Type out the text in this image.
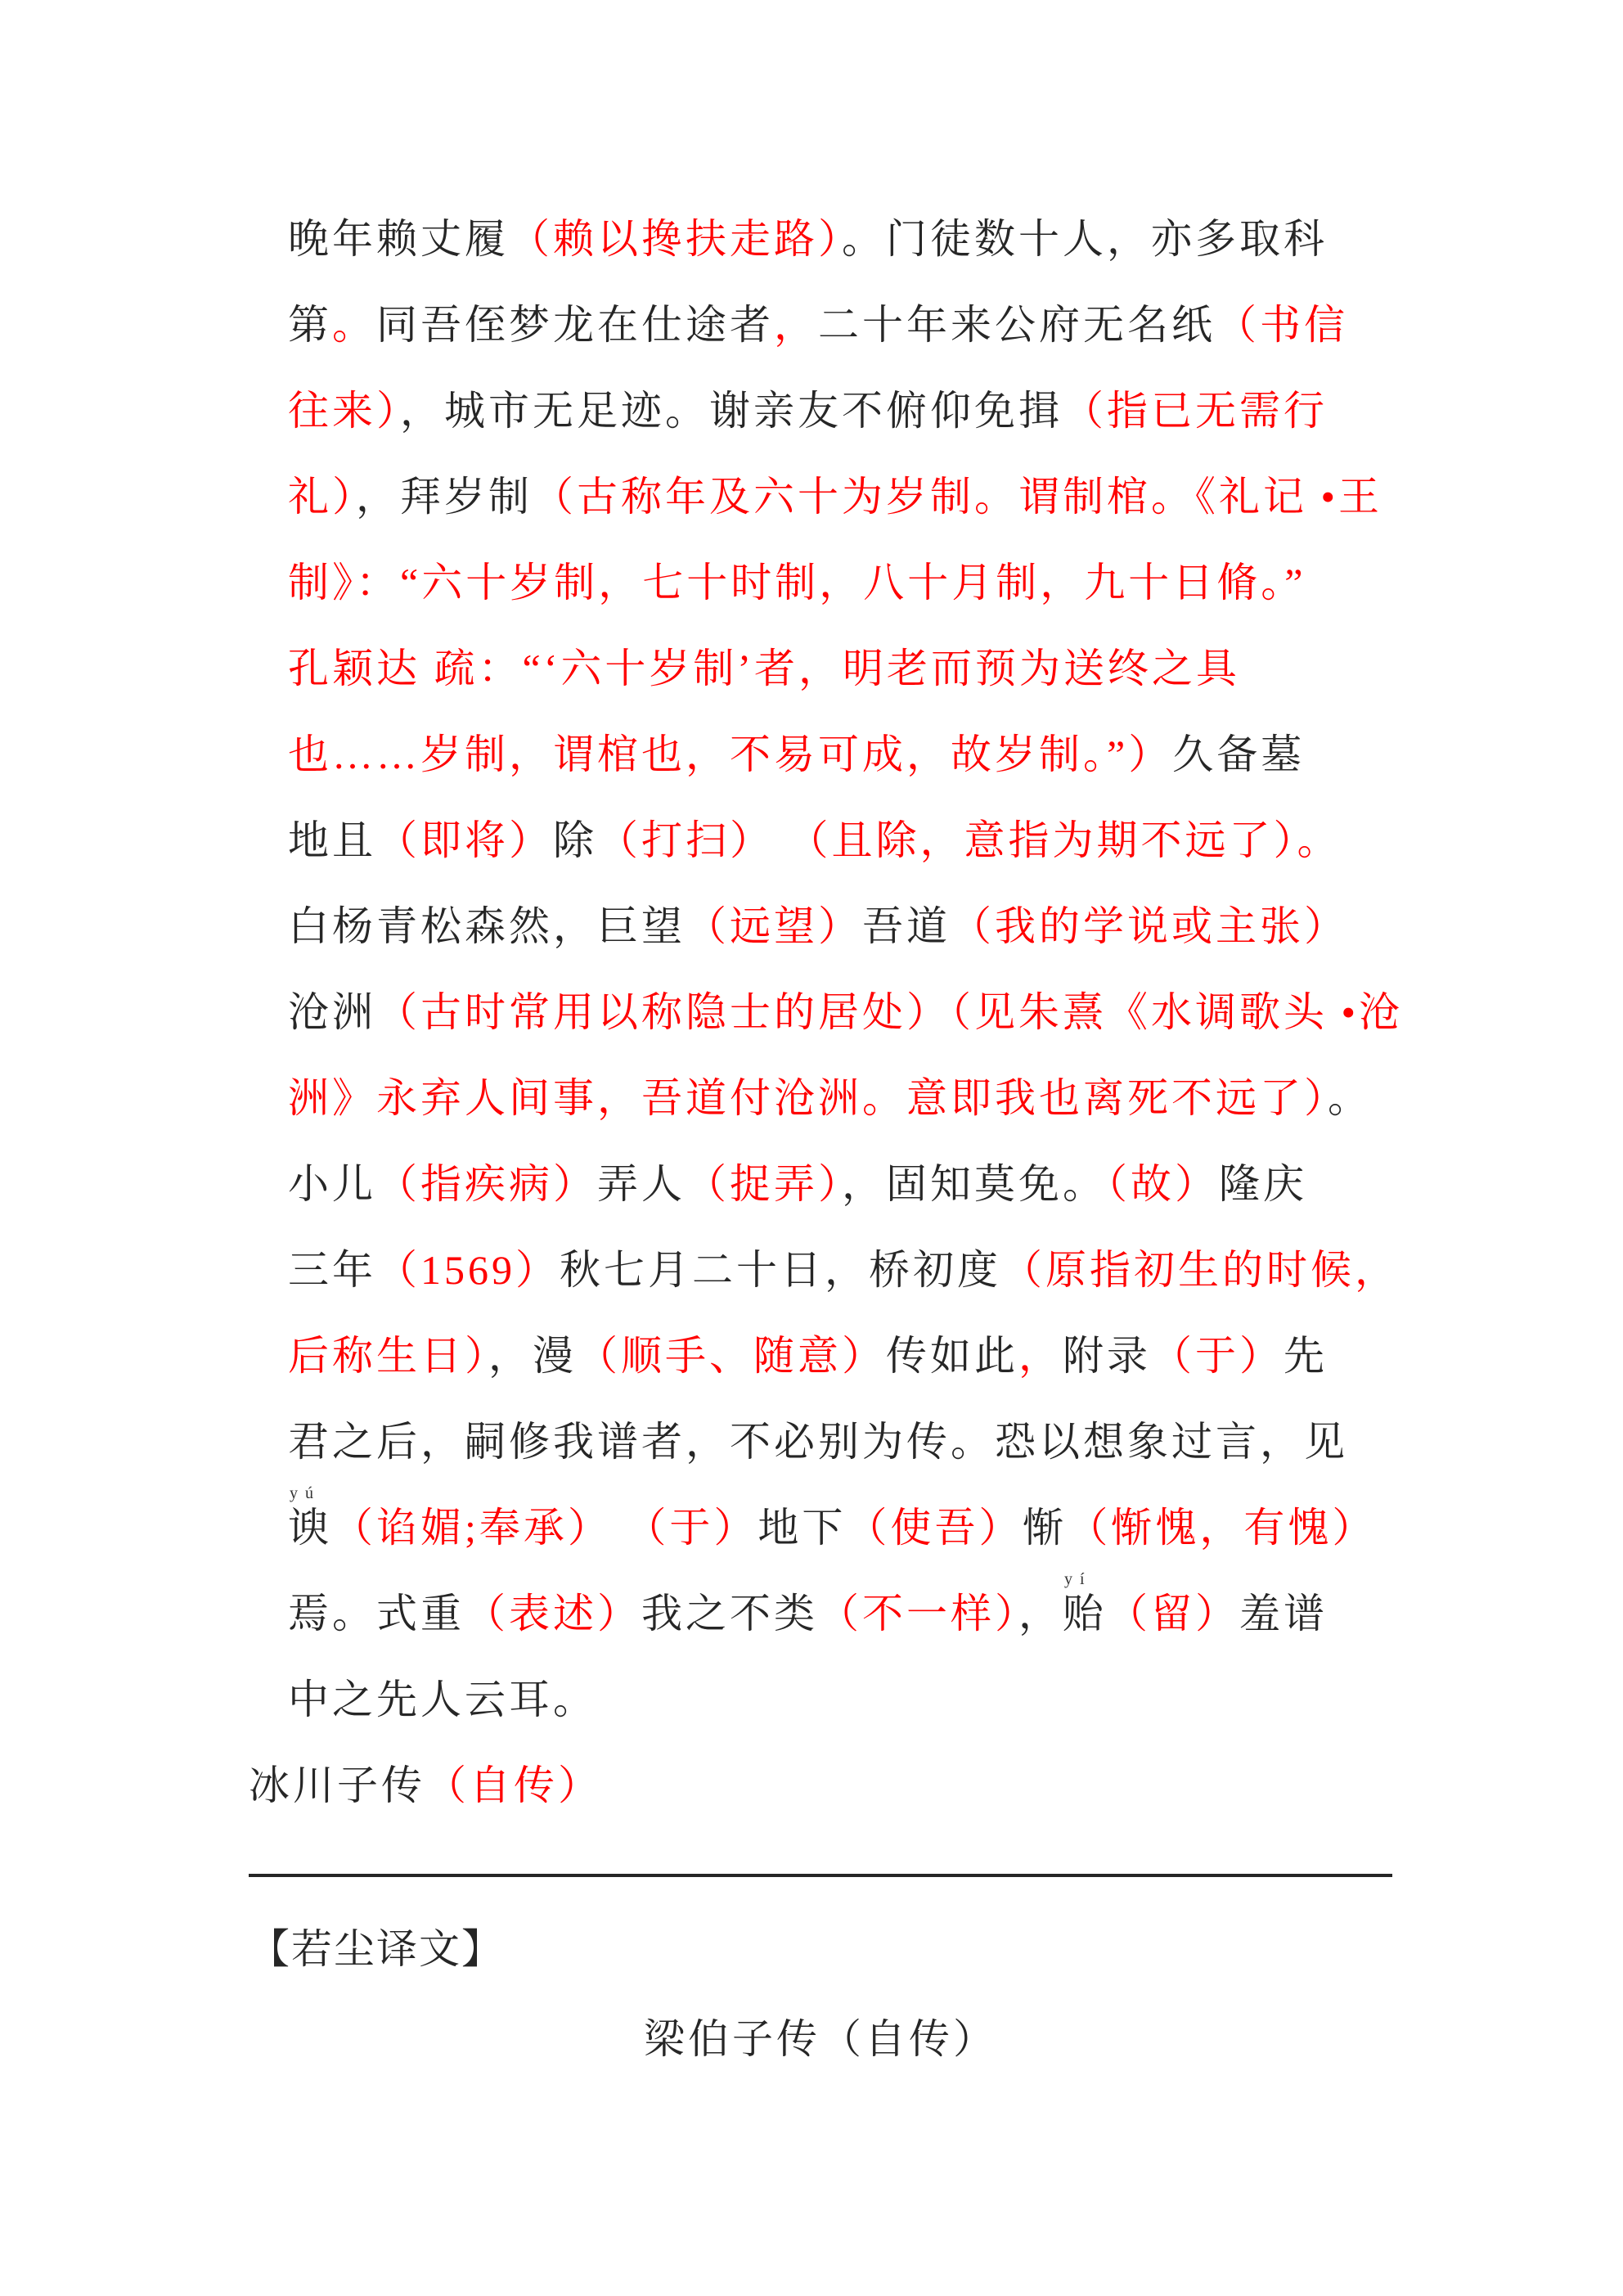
晚年赖丈履（赖以搀扶走路）。门徒数十人，亦多取科
第。同吾侄梦龙在仕途者，二十年来公府无名纸（书信
往来），城市无足迹。谢亲友不俯仰免揖（指已无需行
礼），拜岁制（古称年及六十为岁制。谓制棺。《礼记 •王
制》：“六十岁制，七十时制，八十月制，九十日脩。”
孔颖达 疏：“‘六十岁制’者，明老而预为送终之具
也……岁制，谓棺也，不易可成，故岁制。”）久备墓
地且（即将）除（打扫） （且除，意指为期不远了）。
白杨青松森然，巨望（远望）吾道（我的学说或主张）
沧洲（古时常用以称隐士的居处）（见朱熹《水调歌头 •沧
洲》永弃人间事，吾道付沧洲。意即我也离死不远了）。
小儿（指疾病）弄人（捉弄），固知莫免。（故）隆庆
三年（1569）秋七月二十日，桥初度（原指初生的时候，
后称生日），漫（顺手、随意）传如此，附录（于）先
君之后，嗣修我谱者，不必别为传。恐以想象过言，见
y ú
谀（谄媚;奉承） （于）地下（使吾）惭（惭愧，有愧）
焉。式重（表述）我之不类（不一样），
y í
贻（留）羞谱
中之先人云耳。
冰川子传（自传）
【若尘译文】
梁伯子传（自传）
